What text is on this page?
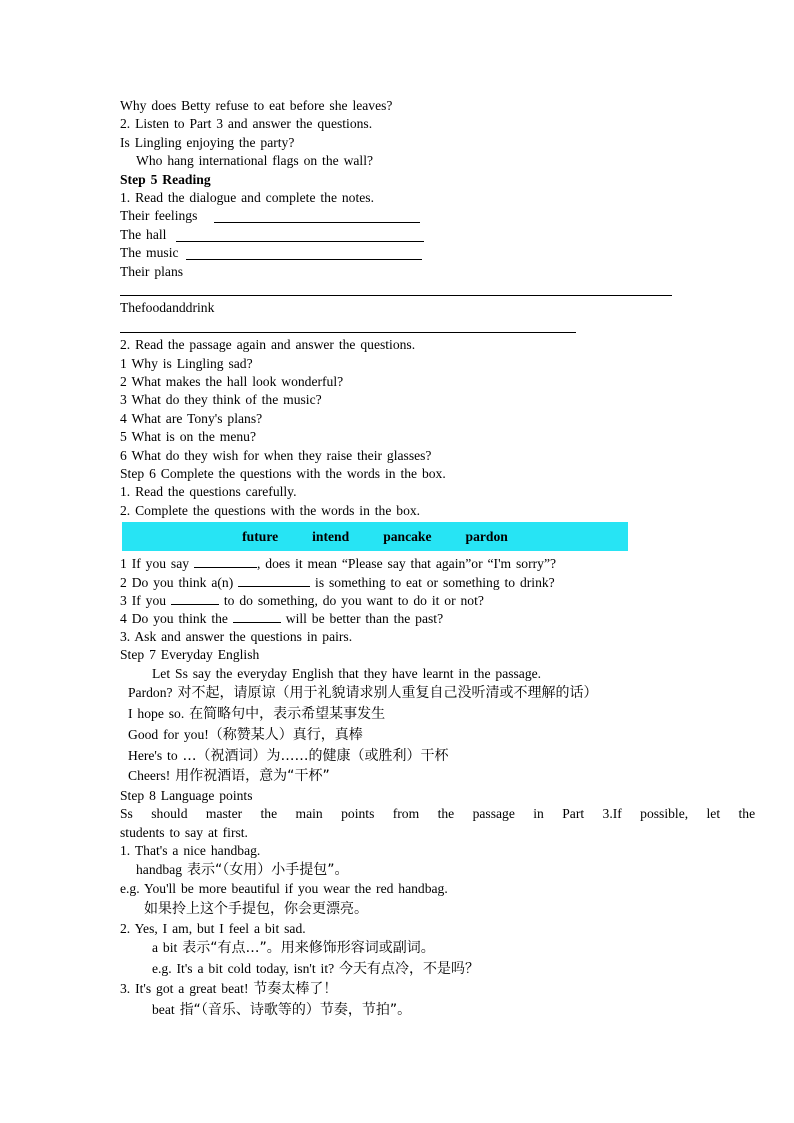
Why does Betty refuse to eat before she leaves?
2. Listen to Part 3 and answer the questions.
Is Lingling enjoying the party?
Who hang international flags on the wall?
Step 5 Reading
1. Read the dialogue and complete the notes.
Their feelings
The hall
The music
Their plans
Thefoodanddrink
2. Read the passage again and answer the questions.
1 Why is Lingling sad?
2 What makes the hall look wonderful?
3 What do they think of the music?
4 What are Tony's plans?
5 What is on the menu?
6 What do they wish for when they raise their glasses?
Step 6 Complete the questions with the words in the box.
1. Read the questions carefully.
2. Complete the questions with the words in the box.
future	intend	pancake	pardon
1 If you say	, does it mean “Please say that again”or “I'm sorry”?
2 Do you think a(n)	is something to eat or something to drink?
3 If you	to do something, do you want to do it or not?
4 Do you think the	will be better than the past?
3. Ask and answer the questions in pairs.
Step 7 Everyday English
Let Ss say the everyday English that they have learnt in the passage.
Pardon? 对不起，请原谅（用于礼貌请求别人重复自己没听清或不理解的话）
I hope so. 在简略句中，表示希望某事发生
Good for you!（称赞某人）真行，真棒
Here's to …（祝酒词）为……的健康（或胜利）干杯
Cheers! 用作祝酒语，意为“干杯”
Step 8 Language points
Ss should master the main points from the passage in Part 3.If possible, let the
students to say at first.
1. That's a nice handbag.
handbag 表示“（女用）小手提包”。
e.g. You'll be more beautiful if you wear the red handbag.
如果拎上这个手提包，你会更漂亮。
2. Yes, I am, but I feel a bit sad.
a bit 表示“有点…”。用来修饰形容词或副词。
e.g. It's a bit cold today, isn't it? 今天有点冷，不是吗？
3. It's got a great beat! 节奏太棒了！
beat 指“（音乐、诗歌等的）节奏，节拍”。
